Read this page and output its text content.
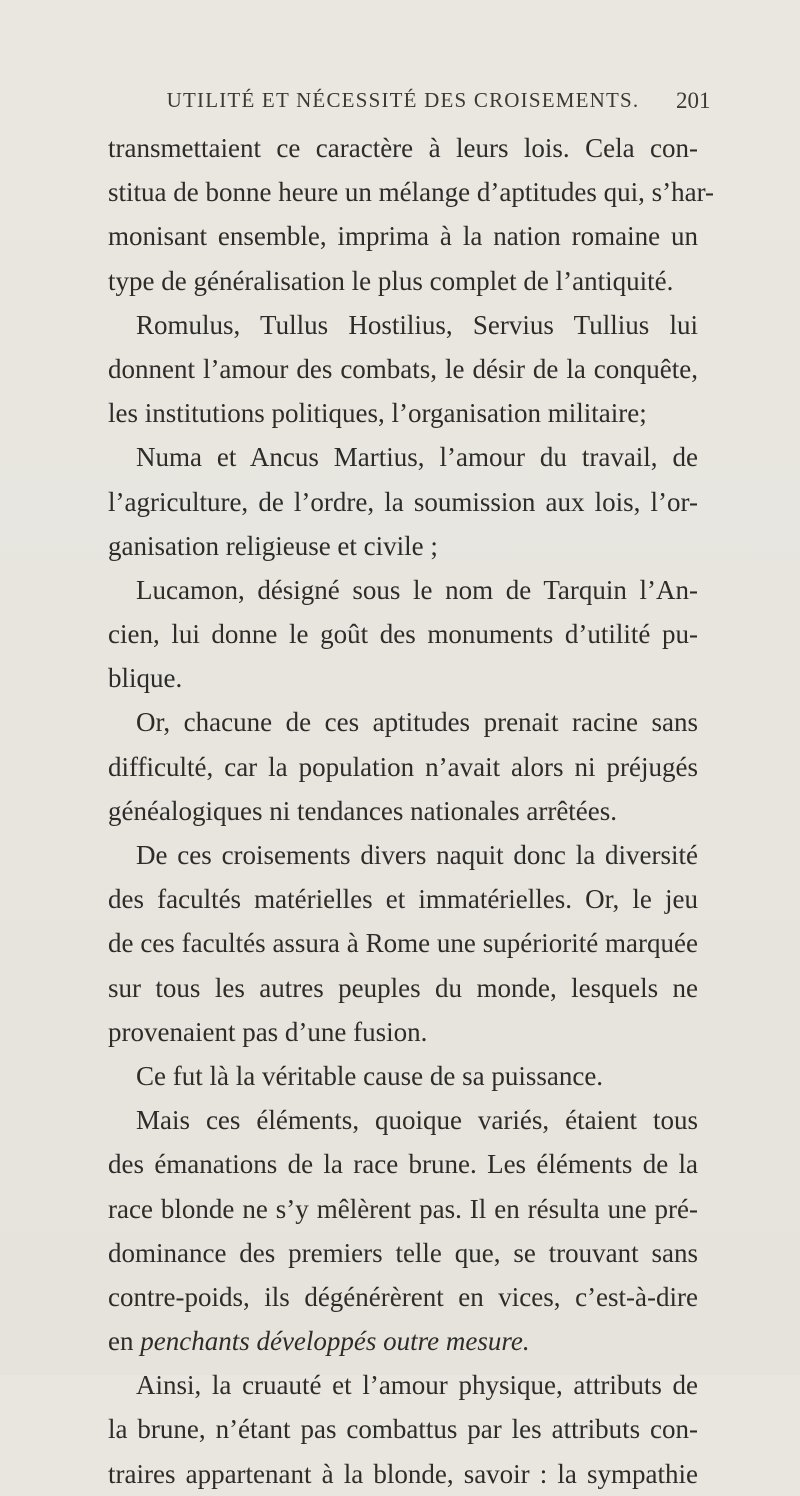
UTILITÉ ET NÉCESSITÉ DES CROISEMENTS.	201
transmettaient ce caractère à leurs lois. Cela con-
stitua de bonne heure un mélange d’aptitudes qui, s’har-
monisant ensemble, imprima à la nation romaine un
type de généralisation le plus complet de l’antiquité.
Romulus, Tullus Hostilius, Servius Tullius lui
donnent l’amour des combats, le désir de la conquête,
les institutions politiques, l’organisation militaire;
Numa et Ancus Martius, l’amour du travail, de
l’agriculture, de l’ordre, la soumission aux lois, l’or-
ganisation religieuse et civile ;
Lucamon, désigné sous le nom de Tarquin l’An-
cien, lui donne le goût des monuments d’utilité pu-
blique.
Or, chacune de ces aptitudes prenait racine sans
difficulté, car la population n’avait alors ni préjugés
généalogiques ni tendances nationales arrêtées.
De ces croisements divers naquit donc la diversité
des facultés matérielles et immatérielles. Or, le jeu
de ces facultés assura à Rome une supériorité marquée
sur tous les autres peuples du monde, lesquels ne
provenaient pas d’une fusion.
Ce fut là la véritable cause de sa puissance.
Mais ces éléments, quoique variés, étaient tous
des émanations de la race brune. Les éléments de la
race blonde ne s’y mêlèrent pas. Il en résulta une pré-
dominance des premiers telle que, se trouvant sans
contre-poids, ils dégénérèrent en vices, c’est-à-dire
en penchants développés outre mesure.
Ainsi, la cruauté et l’amour physique, attributs de
la brune, n’étant pas combattus par les attributs con-
traires appartenant à la blonde, savoir : la sympathie
